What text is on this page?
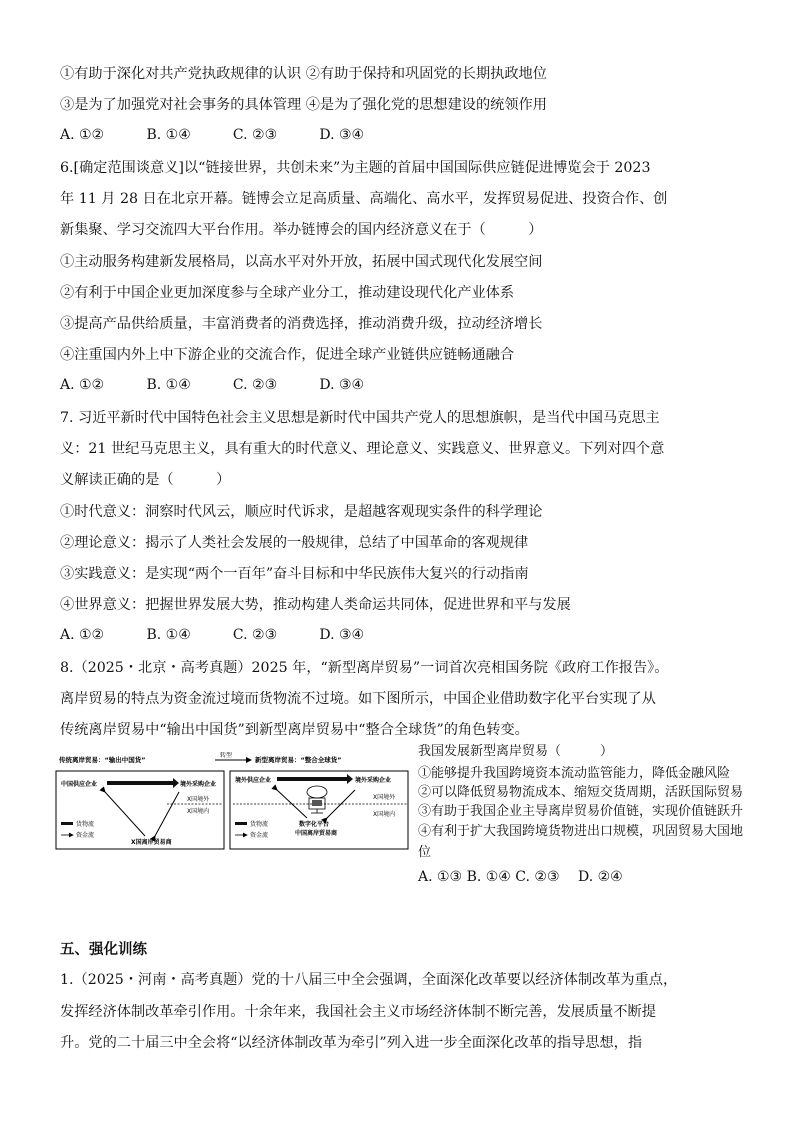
①有助于深化对共产党执政规律的认识 ②有助于保持和巩固党的长期执政地位
③是为了加强党对社会事务的具体管理 ④是为了强化党的思想建设的统领作用
A. ①②	B. ①④	C. ②③	D. ③④
6.[确定范围谈意义]以“链接世界，共创未来”为主题的首届中国国际供应链促进博览会于 2023
年 11 月 28 日在北京开幕。链博会立足高质量、高端化、高水平，发挥贸易促进、投资合作、创
新集聚、学习交流四大平台作用。举办链博会的国内经济意义在于（　　　）
①主动服务构建新发展格局，以高水平对外开放，拓展中国式现代化发展空间
②有利于中国企业更加深度参与全球产业分工，推动建设现代化产业体系
③提高产品供给质量，丰富消费者的消费选择，推动消费升级，拉动经济增长
④注重国内外上中下游企业的交流合作，促进全球产业链供应链畅通融合
A. ①②	B. ①④	C. ②③	D. ③④
7. 习近平新时代中国特色社会主义思想是新时代中国共产党人的思想旗帜，是当代中国马克思主
义：21 世纪马克思主义，具有重大的时代意义、理论意义、实践意义、世界意义。下列对四个意
义解读正确的是（　　　）
①时代意义：洞察时代风云，顺应时代诉求，是超越客观现实条件的科学理论
②理论意义：揭示了人类社会发展的一般规律，总结了中国革命的客观规律
③实践意义：是实现“两个一百年”奋斗目标和中华民族伟大复兴的行动指南
④世界意义：把握世界发展大势，推动构建人类命运共同体，促进世界和平与发展
A. ①②	B. ①④	C. ②③	D. ③④
8.（2025・北京・高考真题）2025 年，“新型离岸贸易”一词首次亮相国务院《政府工作报告》。
离岸贸易的特点为资金流过境而货物流不过境。如下图所示，中国企业借助数字化平台实现了从
传统离岸贸易中“输出中国货”到新型离岸贸易中“整合全球货”的角色转变。
传统离岸贸易：“输出中国货”
转型
新型离岸贸易：“整合全球货”
中国供应企业	境外采购企业
X国境外
X国境内
货物流
资金流
X国离岸贸易商
境外供应企业	境外采购企业
X国境外
X国境内
货物流
资金流
数字化平台
中国离岸贸易商
我国发展新型离岸贸易（　　　）
①能够提升我国跨境资本流动监管能力，降低金融风险
②可以降低贸易物流成本、缩短交货周期，活跃国际贸易
③有助于我国企业主导离岸贸易价值链，实现价值链跃升
④有利于扩大我国跨境货物进出口规模，巩固贸易大国地
位
A. ①③ B. ①④ C. ②③　 D. ②④
五、强化训练
1.（2025・河南・高考真题）党的十八届三中全会强调，全面深化改革要以经济体制改革为重点，
发挥经济体制改革牵引作用。十余年来，我国社会主义市场经济体制不断完善，发展质量不断提
升。党的二十届三中全会将“以经济体制改革为牵引”列入进一步全面深化改革的指导思想，指
